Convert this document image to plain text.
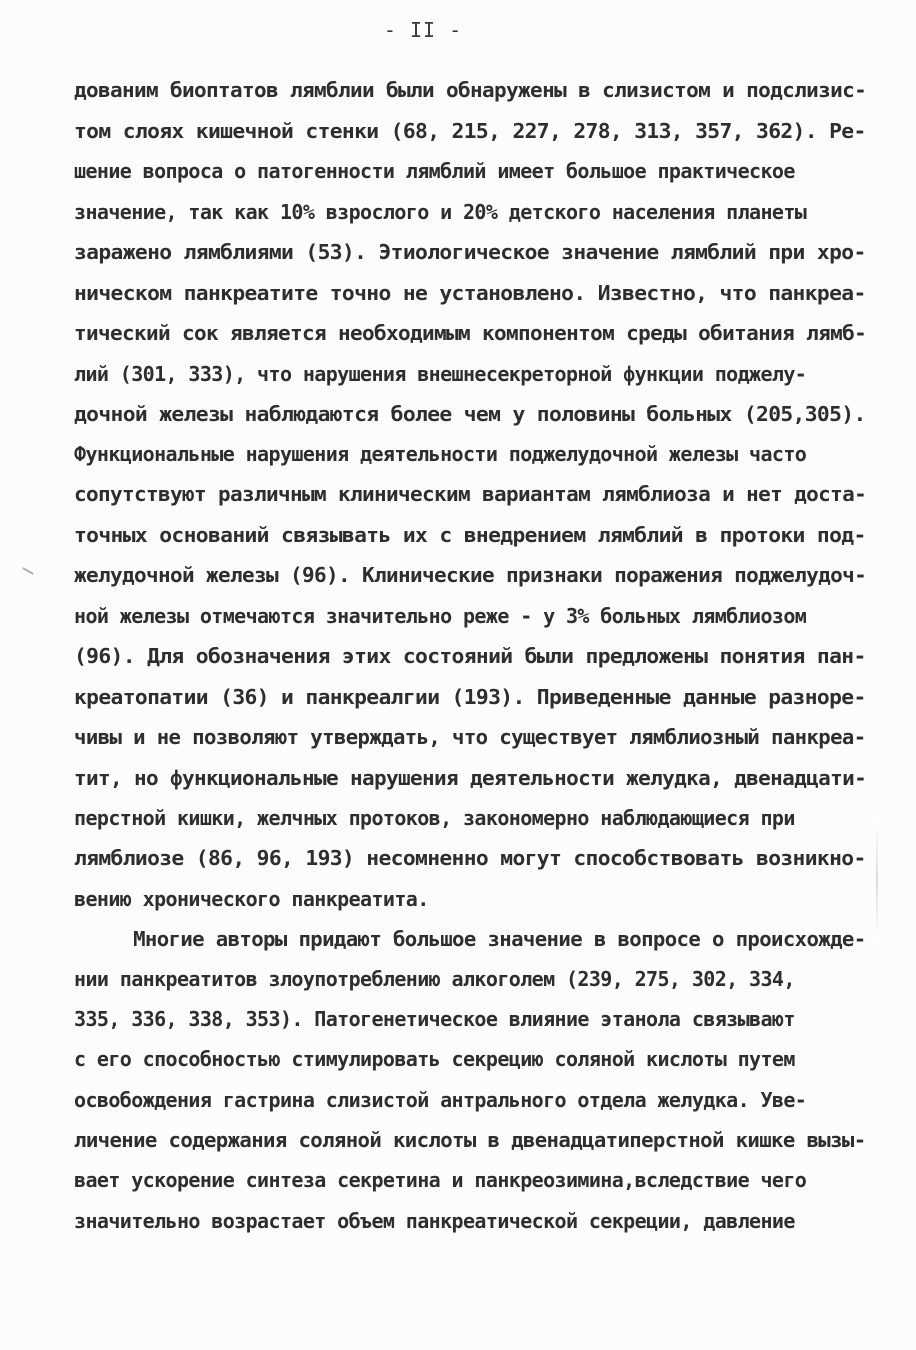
- II -
дованим биоптатов лямблии были обнаружены в слизистом и подслизис-
том слоях кишечной стенки (68, 215, 227, 278, 313, 357, 362). Ре-
шение вопроса о патогенности лямблий имеет большое практическое
значение, так как 10% взрослого и 20% детского населения планеты
заражено лямблиями (53). Этиологическое значение лямблий при хро-
ническом панкреатите точно не установлено. Известно, что панкреа-
тический сок является необходимым компонентом среды обитания лямб-
лий (301, 333), что нарушения внешнесекреторной функции поджелу-
дочной железы наблюдаются более чем у половины больных (205,305).
Функциональные нарушения деятельности поджелудочной железы часто
сопутствуют различным клиническим вариантам лямблиоза и нет доста-
точных оснований связывать их с внедрением лямблий в протоки под-
желудочной железы (96). Клинические признаки поражения поджелудоч-
ной железы отмечаются значительно реже - у 3% больных лямблиозом
(96). Для обозначения этих состояний были предложены понятия пан-
креатопатии (36) и панкреалгии (193). Приведенные данные разноре-
чивы и не позволяют утверждать, что существует лямблиозный панкреа-
тит, но функциональные нарушения деятельности желудка, двенадцати-
перстной кишки, желчных протоков, закономерно наблюдающиеся при
лямблиозе (86, 96, 193) несомненно могут способствовать возникно-
вению хронического панкреатита.
Многие авторы придают большое значение в вопросе о происхожде-
нии панкреатитов злоупотреблению алкоголем (239, 275, 302, 334,
335, 336, 338, 353). Патогенетическое влияние этанола связывают
с его способностью стимулировать секрецию соляной кислоты путем
освобождения гастрина слизистой антрального отдела желудка. Уве-
личение содержания соляной кислоты в двенадцатиперстной кишке вызы-
вает ускорение синтеза секретина и панкреозимина,вследствие чего
значительно возрастает объем панкреатической секреции, давление
